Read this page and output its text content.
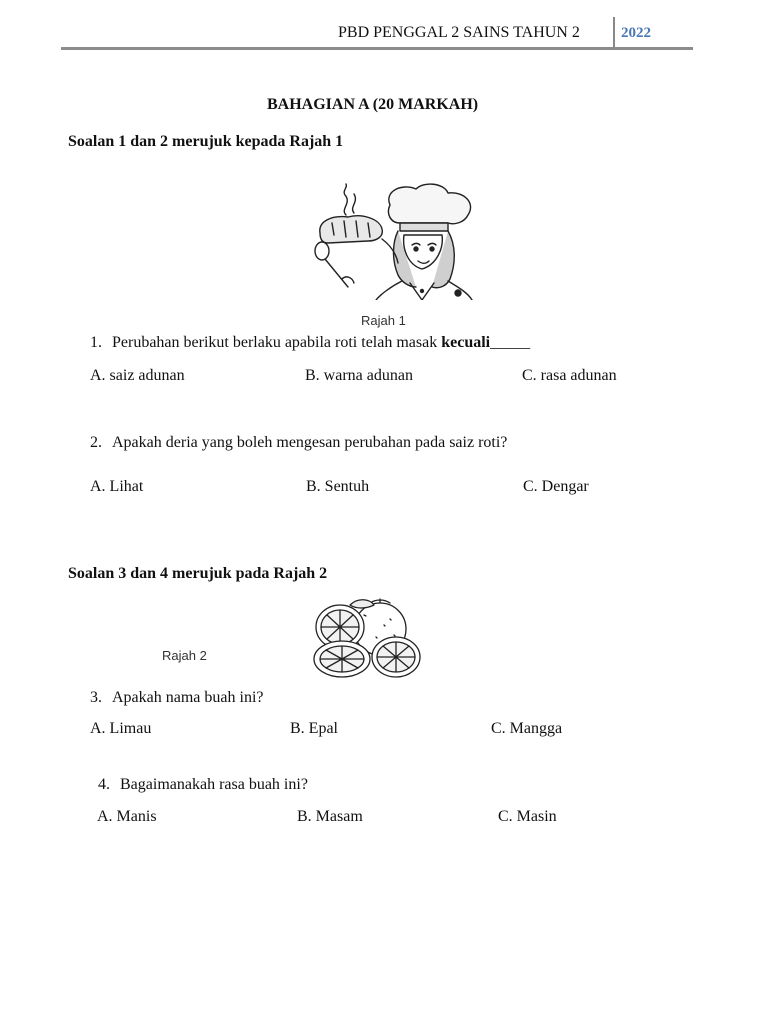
PBD PENGGAL 2 SAINS TAHUN 2	2022
BAHAGIAN A (20 MARKAH)
Soalan 1 dan 2 merujuk kepada Rajah 1
Rajah 1
1. Perubahan berikut berlaku apabila roti telah masak kecuali_____
A. saiz adunan	B. warna adunan	C. rasa adunan
2. Apakah deria yang boleh mengesan perubahan pada saiz roti?
A. Lihat	B. Sentuh	C. Dengar
Soalan 3 dan 4 merujuk pada Rajah 2
Rajah 2
3. Apakah nama buah ini?
A. Limau	B. Epal	C. Mangga
4. Bagaimanakah rasa buah ini?
A. Manis	B. Masam	C. Masin
